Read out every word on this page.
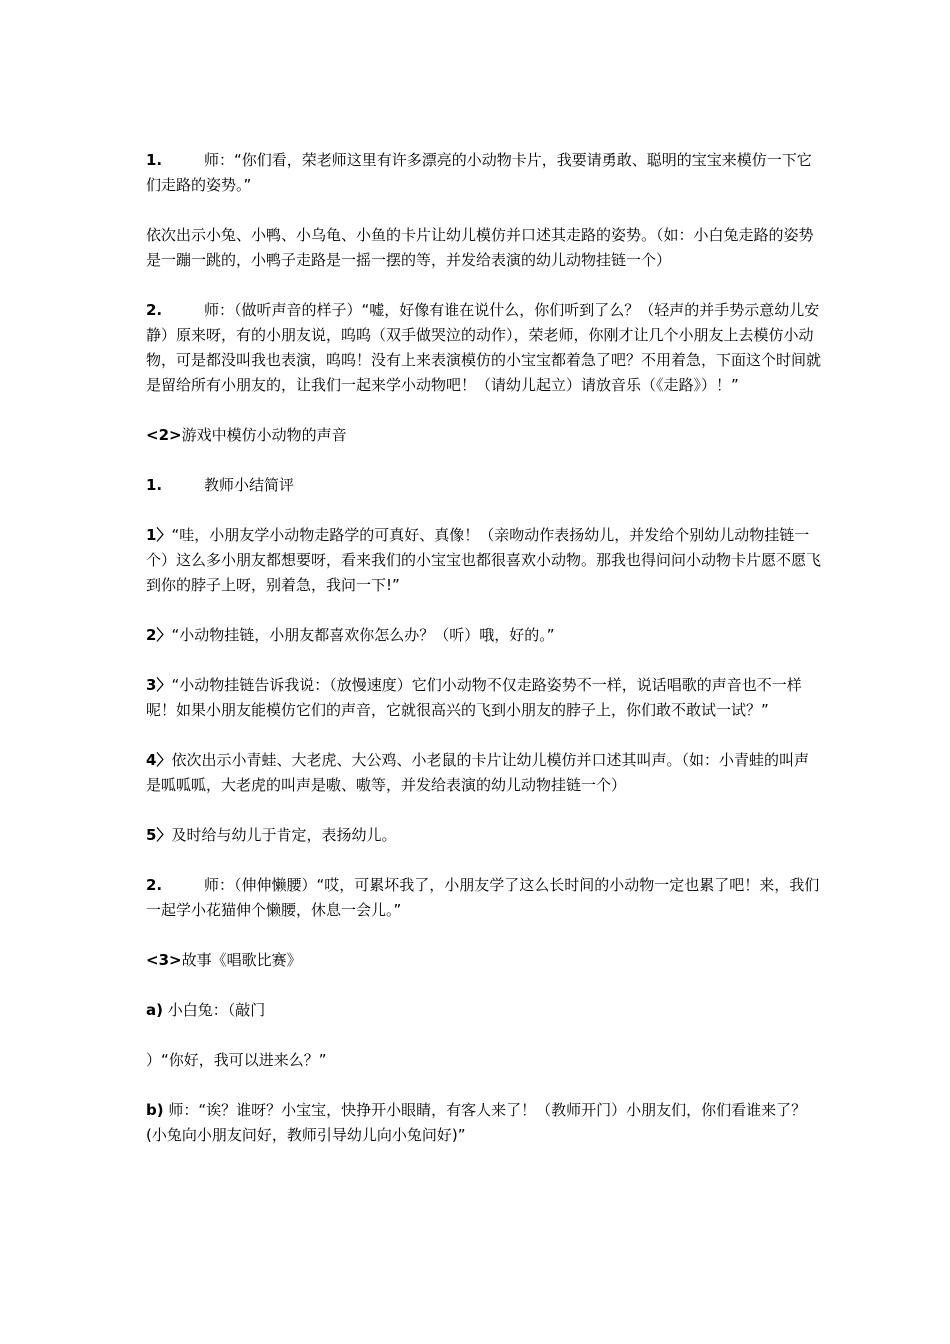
1.	师：“你们看，荣老师这里有许多漂亮的小动物卡片，我要请勇敢、聪明的宝宝来模仿一下它们走路的姿势。”

依次出示小兔、小鸭、小乌龟、小鱼的卡片让幼儿模仿并口述其走路的姿势。（如：小白兔走路的姿势是一蹦一跳的，小鸭子走路是一摇一摆的等，并发给表演的幼儿动物挂链一个）

2.	师：（做听声音的样子）“嘘，好像有谁在说什么，你们听到了么？（轻声的并手势示意幼儿安静）原来呀，有的小朋友说，呜呜（双手做哭泣的动作），荣老师，你刚才让几个小朋友上去模仿小动物，可是都没叫我也表演，呜呜！没有上来表演模仿的小宝宝都着急了吧？不用着急，下面这个时间就是留给所有小朋友的，让我们一起来学小动物吧！（请幼儿起立）请放音乐（《走路》）！”

<2>游戏中模仿小动物的声音

1.	教师小结简评

1〉“哇，小朋友学小动物走路学的可真好、真像！（亲吻动作表扬幼儿，并发给个别幼儿动物挂链一个）这么多小朋友都想要呀，看来我们的小宝宝也都很喜欢小动物。那我也得问问小动物卡片愿不愿飞到你的脖子上呀，别着急，我问一下!”

2〉“小动物挂链，小朋友都喜欢你怎么办？（听）哦，好的。”

3〉“小动物挂链告诉我说：（放慢速度）它们小动物不仅走路姿势不一样，说话唱歌的声音也不一样呢！如果小朋友能模仿它们的声音，它就很高兴的飞到小朋友的脖子上，你们敢不敢试一试？”

4〉依次出示小青蛙、大老虎、大公鸡、小老鼠的卡片让幼儿模仿并口述其叫声。（如：小青蛙的叫声是呱呱呱，大老虎的叫声是嗷、嗷等，并发给表演的幼儿动物挂链一个）

5〉及时给与幼儿于肯定，表扬幼儿。

2.	师：（伸伸懒腰）“哎，可累坏我了，小朋友学了这么长时间的小动物一定也累了吧！来，我们一起学小花猫伸个懒腰，休息一会儿。”

<3>故事《唱歌比赛》

a) 小白兔：（敲门

）“你好，我可以进来么？”

b) 师：“诶？谁呀？小宝宝，快挣开小眼睛，有客人来了！（教师开门）小朋友们，你们看谁来了？(小兔向小朋友问好，教师引导幼儿向小兔问好)”
